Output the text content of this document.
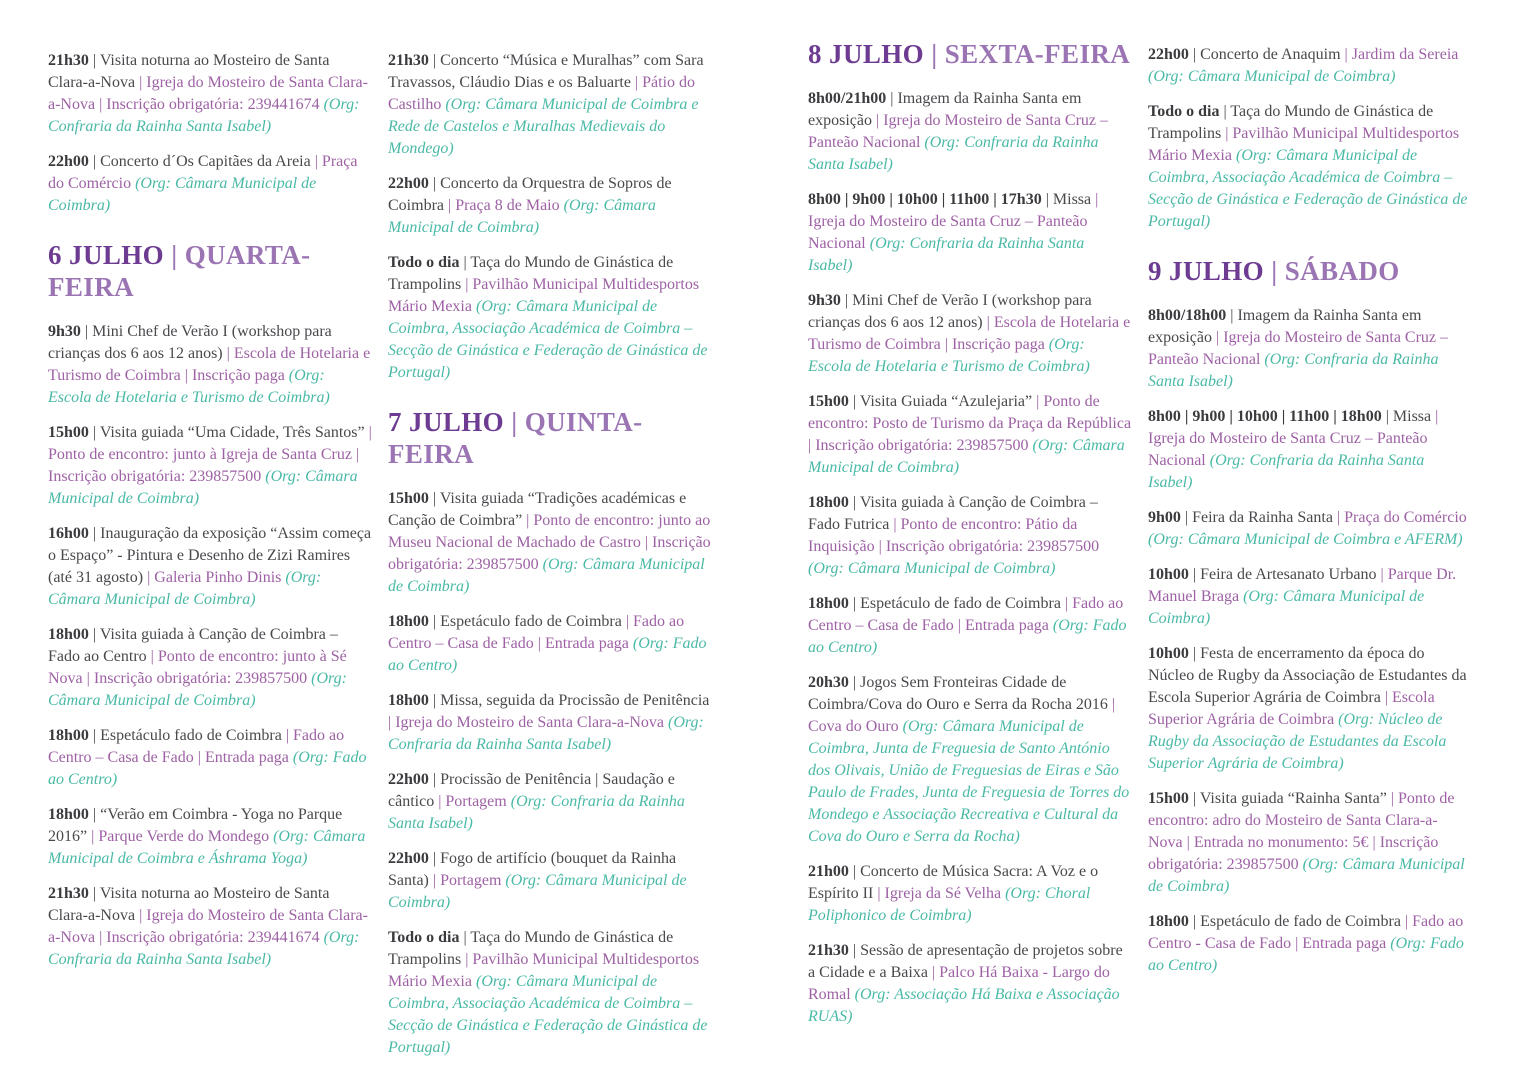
21h30 | Visita noturna ao Mosteiro de Santa Clara-a-Nova | Igreja do Mosteiro de Santa Clara-a-Nova | Inscrição obrigatória: 239441674 (Org: Confraria da Rainha Santa Isabel)

22h00 | Concerto d´Os Capitães da Areia | Praça do Comércio (Org: Câmara Municipal de Coimbra)

6 JULHO | QUARTA-FEIRA

9h30 | Mini Chef de Verão I (workshop para crianças dos 6 aos 12 anos) | Escola de Hotelaria e Turismo de Coimbra | Inscrição paga (Org: Escola de Hotelaria e Turismo de Coimbra)

15h00 | Visita guiada “Uma Cidade, Três Santos” | Ponto de encontro: junto à Igreja de Santa Cruz | Inscrição obrigatória: 239857500 (Org: Câmara Municipal de Coimbra)

16h00 | Inauguração da exposição “Assim começa o Espaço” - Pintura e Desenho de Zizi Ramires (até 31 agosto) | Galeria Pinho Dinis (Org: Câmara Municipal de Coimbra)

18h00 | Visita guiada à Canção de Coimbra – Fado ao Centro | Ponto de encontro: junto à Sé Nova | Inscrição obrigatória: 239857500 (Org: Câmara Municipal de Coimbra)

18h00 | Espetáculo fado de Coimbra | Fado ao Centro – Casa de Fado | Entrada paga (Org: Fado ao Centro)

18h00 | “Verão em Coimbra - Yoga no Parque 2016” | Parque Verde do Mondego (Org: Câmara Municipal de Coimbra e Áshrama Yoga)

21h30 | Visita noturna ao Mosteiro de Santa Clara-a-Nova | Igreja do Mosteiro de Santa Clara-a-Nova | Inscrição obrigatória: 239441674 (Org: Confraria da Rainha Santa Isabel)

21h30 | Concerto “Música e Muralhas” com Sara Travassos, Cláudio Dias e os Baluarte | Pátio do Castilho (Org: Câmara Municipal de Coimbra e Rede de Castelos e Muralhas Medievais do Mondego)

22h00 | Concerto da Orquestra de Sopros de Coimbra | Praça 8 de Maio (Org: Câmara Municipal de Coimbra)

Todo o dia | Taça do Mundo de Ginástica de Trampolins | Pavilhão Municipal Multidesportos Mário Mexia (Org: Câmara Municipal de Coimbra, Associação Académica de Coimbra – Secção de Ginástica e Federação de Ginástica de Portugal)

7 JULHO | QUINTA-FEIRA

15h00 | Visita guiada “Tradições académicas e Canção de Coimbra” | Ponto de encontro: junto ao Museu Nacional de Machado de Castro | Inscrição obrigatória: 239857500 (Org: Câmara Municipal de Coimbra)

18h00 | Espetáculo fado de Coimbra | Fado ao Centro – Casa de Fado | Entrada paga (Org: Fado ao Centro)

18h00 | Missa, seguida da Procissão de Penitência | Igreja do Mosteiro de Santa Clara-a-Nova (Org: Confraria da Rainha Santa Isabel)

22h00 | Procissão de Penitência | Saudação e cântico | Portagem (Org: Confraria da Rainha Santa Isabel)

22h00 | Fogo de artifício (bouquet da Rainha Santa) | Portagem (Org: Câmara Municipal de Coimbra)

Todo o dia | Taça do Mundo de Ginástica de Trampolins | Pavilhão Municipal Multidesportos Mário Mexia (Org: Câmara Municipal de Coimbra, Associação Académica de Coimbra – Secção de Ginástica e Federação de Ginástica de Portugal)

8 JULHO | SEXTA-FEIRA

8h00/21h00 | Imagem da Rainha Santa em exposição | Igreja do Mosteiro de Santa Cruz – Panteão Nacional (Org: Confraria da Rainha Santa Isabel)

8h00 | 9h00 | 10h00 | 11h00 | 17h30 | Missa | Igreja do Mosteiro de Santa Cruz – Panteão Nacional (Org: Confraria da Rainha Santa Isabel)

9h30 | Mini Chef de Verão I (workshop para crianças dos 6 aos 12 anos) | Escola de Hotelaria e Turismo de Coimbra | Inscrição paga (Org: Escola de Hotelaria e Turismo de Coimbra)

15h00 | Visita Guiada “Azulejaria” | Ponto de encontro: Posto de Turismo da Praça da República | Inscrição obrigatória: 239857500 (Org: Câmara Municipal de Coimbra)

18h00 | Visita guiada à Canção de Coimbra – Fado Futrica | Ponto de encontro: Pátio da Inquisição | Inscrição obrigatória: 239857500 (Org: Câmara Municipal de Coimbra)

18h00 | Espetáculo de fado de Coimbra | Fado ao Centro – Casa de Fado | Entrada paga (Org: Fado ao Centro)

20h30 | Jogos Sem Fronteiras Cidade de Coimbra/Cova do Ouro e Serra da Rocha 2016 | Cova do Ouro (Org: Câmara Municipal de Coimbra, Junta de Freguesia de Santo António dos Olivais, União de Freguesias de Eiras e São Paulo de Frades, Junta de Freguesia de Torres do Mondego e Associação Recreativa e Cultural da Cova do Ouro e Serra da Rocha)

21h00 | Concerto de Música Sacra: A Voz e o Espírito II | Igreja da Sé Velha (Org: Choral Poliphonico de Coimbra)

21h30 | Sessão de apresentação de projetos sobre a Cidade e a Baixa | Palco Há Baixa - Largo do Romal (Org: Associação Há Baixa e Associação RUAS)

22h00 | Concerto de Anaquim | Jardim da Sereia (Org: Câmara Municipal de Coimbra)

Todo o dia | Taça do Mundo de Ginástica de Trampolins | Pavilhão Municipal Multidesportos Mário Mexia (Org: Câmara Municipal de Coimbra, Associação Académica de Coimbra – Secção de Ginástica e Federação de Ginástica de Portugal)

9 JULHO | SÁBADO

8h00/18h00 | Imagem da Rainha Santa em exposição | Igreja do Mosteiro de Santa Cruz – Panteão Nacional (Org: Confraria da Rainha Santa Isabel)

8h00 | 9h00 | 10h00 | 11h00 | 18h00 | Missa | Igreja do Mosteiro de Santa Cruz – Panteão Nacional (Org: Confraria da Rainha Santa Isabel)

9h00 | Feira da Rainha Santa | Praça do Comércio (Org: Câmara Municipal de Coimbra e AFERM)

10h00 | Feira de Artesanato Urbano | Parque Dr. Manuel Braga (Org: Câmara Municipal de Coimbra)

10h00 | Festa de encerramento da época do Núcleo de Rugby da Associação de Estudantes da Escola Superior Agrária de Coimbra | Escola Superior Agrária de Coimbra (Org: Núcleo de Rugby da Associação de Estudantes da Escola Superior Agrária de Coimbra)

15h00 | Visita guiada “Rainha Santa” | Ponto de encontro: adro do Mosteiro de Santa Clara-a-Nova | Entrada no monumento: 5€ | Inscrição obrigatória: 239857500 (Org: Câmara Municipal de Coimbra)

18h00 | Espetáculo de fado de Coimbra | Fado ao Centro - Casa de Fado | Entrada paga (Org: Fado ao Centro)
